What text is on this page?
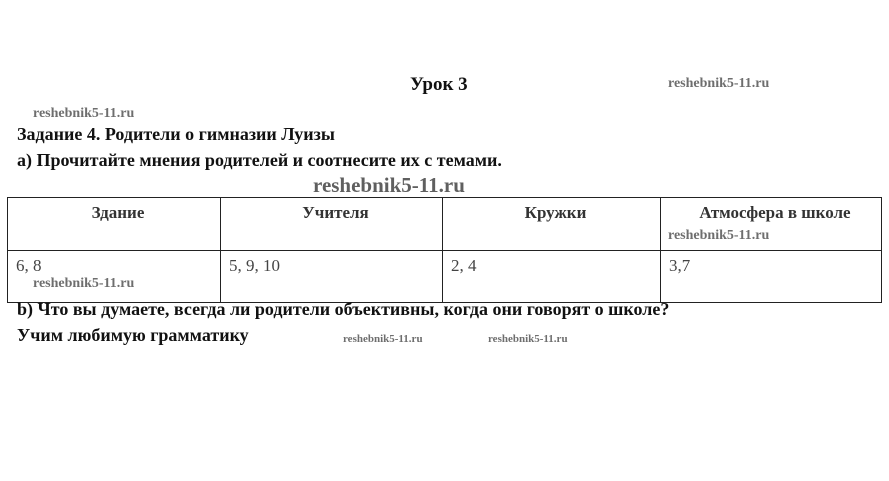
Урок 3	reshebnik5-11.ru
reshebnik5-11.ru
Задание 4. Родители о гимназии Луизы
а) Прочитайте мнения родителей и соотнесите их с темами.
Здание	Учителя	Кружки	Атмосфера в школе
6, 8	5, 9, 10	2, 4	3,7
reshebnik5-11.ru
reshebnik5-11.ru
reshebnik5-11.ru
b) Что вы думаете, всегда ли родители объективны, когда они говорят о школе?
Учим любимую грамматику	reshebnik5-11.ru	reshebnik5-11.ru
